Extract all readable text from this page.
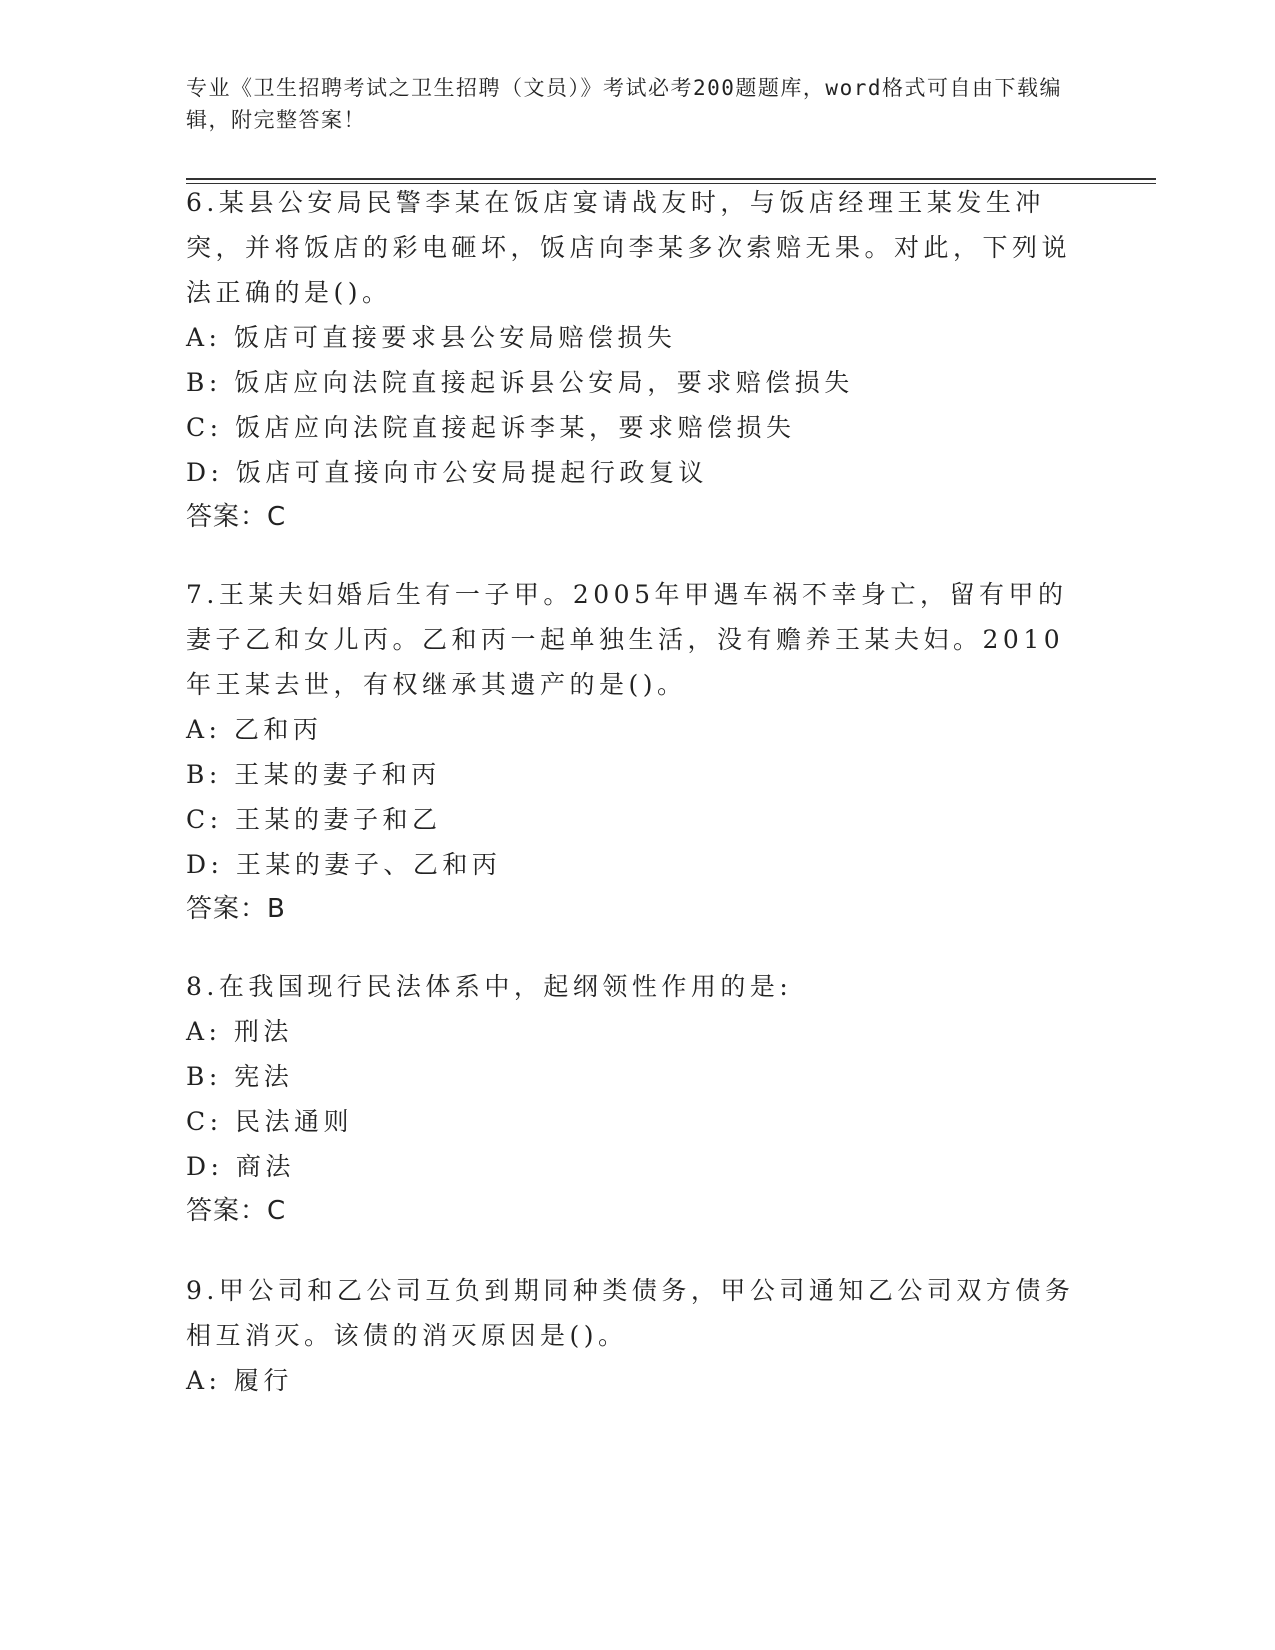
专业《卫生招聘考试之卫生招聘（文员）》考试必考200题题库，word格式可自由下载编辑，附完整答案！
6.某县公安局民警李某在饭店宴请战友时，与饭店经理王某发生冲突，并将饭店的彩电砸坏，饭店向李某多次索赔无果。对此，下列说法正确的是()。
A: 饭店可直接要求县公安局赔偿损失
B: 饭店应向法院直接起诉县公安局，要求赔偿损失
C: 饭店应向法院直接起诉李某，要求赔偿损失
D: 饭店可直接向市公安局提起行政复议
答案：C
7.王某夫妇婚后生有一子甲。2005年甲遇车祸不幸身亡，留有甲的妻子乙和女儿丙。乙和丙一起单独生活，没有赡养王某夫妇。2010年王某去世，有权继承其遗产的是()。
A: 乙和丙
B: 王某的妻子和丙
C: 王某的妻子和乙
D: 王某的妻子、乙和丙
答案：B
8.在我国现行民法体系中，起纲领性作用的是:
A: 刑法
B: 宪法
C: 民法通则
D: 商法
答案：C
9.甲公司和乙公司互负到期同种类债务，甲公司通知乙公司双方债务相互消灭。该债的消灭原因是()。
A: 履行
